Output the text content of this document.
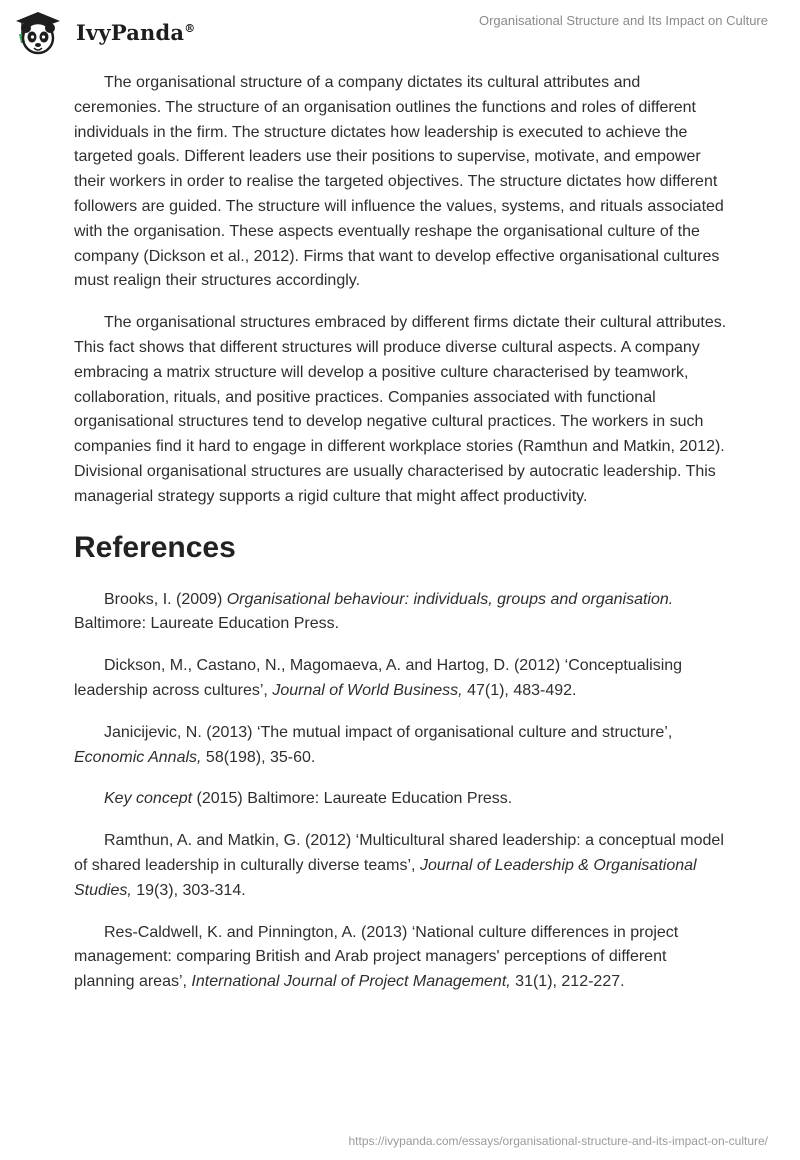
IvyPanda®
Organisational Structure and Its Impact on Culture

The organisational structure of a company dictates its cultural attributes and ceremonies. The structure of an organisation outlines the functions and roles of different individuals in the firm. The structure dictates how leadership is executed to achieve the targeted goals. Different leaders use their positions to supervise, motivate, and empower their workers in order to realise the targeted objectives. The structure dictates how different followers are guided. The structure will influence the values, systems, and rituals associated with the organisation. These aspects eventually reshape the organisational culture of the company (Dickson et al., 2012). Firms that want to develop effective organisational cultures must realign their structures accordingly.

The organisational structures embraced by different firms dictate their cultural attributes. This fact shows that different structures will produce diverse cultural aspects. A company embracing a matrix structure will develop a positive culture characterised by teamwork, collaboration, rituals, and positive practices. Companies associated with functional organisational structures tend to develop negative cultural practices. The workers in such companies find it hard to engage in different workplace stories (Ramthun and Matkin, 2012). Divisional organisational structures are usually characterised by autocratic leadership. This managerial strategy supports a rigid culture that might affect productivity.

References

Brooks, I. (2009) Organisational behaviour: individuals, groups and organisation. Baltimore: Laureate Education Press.

Dickson, M., Castano, N., Magomaeva, A. and Hartog, D. (2012) ‘Conceptualising leadership across cultures’, Journal of World Business, 47(1), 483-492.

Janicijevic, N. (2013) ‘The mutual impact of organisational culture and structure’, Economic Annals, 58(198), 35-60.

Key concept (2015) Baltimore: Laureate Education Press.

Ramthun, A. and Matkin, G. (2012) ‘Multicultural shared leadership: a conceptual model of shared leadership in culturally diverse teams’, Journal of Leadership & Organisational Studies, 19(3), 303-314.

Res-Caldwell, K. and Pinnington, A. (2013) ‘National culture differences in project management: comparing British and Arab project managers' perceptions of different planning areas’, International Journal of Project Management, 31(1), 212-227.

https://ivypanda.com/essays/organisational-structure-and-its-impact-on-culture/
